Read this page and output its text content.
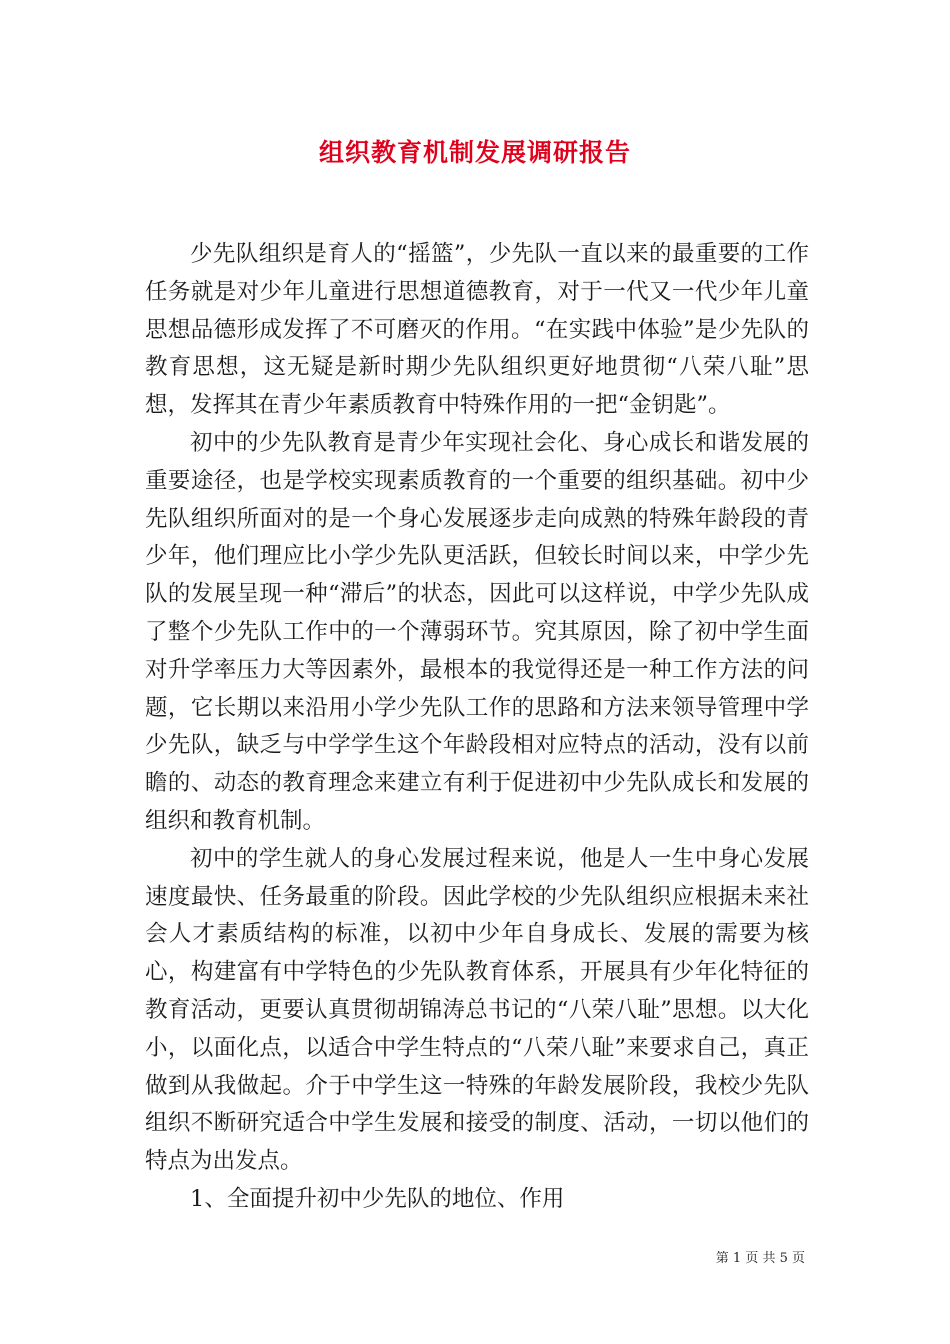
组织教育机制发展调研报告

少先队组织是育人的“摇篮”，少先队一直以来的最重要的工作任务就是对少年儿童进行思想道德教育，对于一代又一代少年儿童思想品德形成发挥了不可磨灭的作用。“在实践中体验”是少先队的教育思想，这无疑是新时期少先队组织更好地贯彻“八荣八耻”思想，发挥其在青少年素质教育中特殊作用的一把“金钥匙”。

初中的少先队教育是青少年实现社会化、身心成长和谐发展的重要途径，也是学校实现素质教育的一个重要的组织基础。初中少先队组织所面对的是一个身心发展逐步走向成熟的特殊年龄段的青少年，他们理应比小学少先队更活跃，但较长时间以来，中学少先队的发展呈现一种“滞后”的状态，因此可以这样说，中学少先队成了整个少先队工作中的一个薄弱环节。究其原因，除了初中学生面对升学率压力大等因素外，最根本的我觉得还是一种工作方法的问题，它长期以来沿用小学少先队工作的思路和方法来领导管理中学少先队，缺乏与中学学生这个年龄段相对应特点的活动，没有以前瞻的、动态的教育理念来建立有利于促进初中少先队成长和发展的组织和教育机制。

初中的学生就人的身心发展过程来说，他是人一生中身心发展速度最快、任务最重的阶段。因此学校的少先队组织应根据未来社会人才素质结构的标准，以初中少年自身成长、发展的需要为核心，构建富有中学特色的少先队教育体系，开展具有少年化特征的教育活动，更要认真贯彻胡锦涛总书记的“八荣八耻”思想。以大化小，以面化点，以适合中学生特点的“八荣八耻”来要求自己，真正做到从我做起。介于中学生这一特殊的年龄发展阶段，我校少先队组织不断研究适合中学生发展和接受的制度、活动，一切以他们的特点为出发点。

1、全面提升初中少先队的地位、作用

第 1 页 共 5 页
